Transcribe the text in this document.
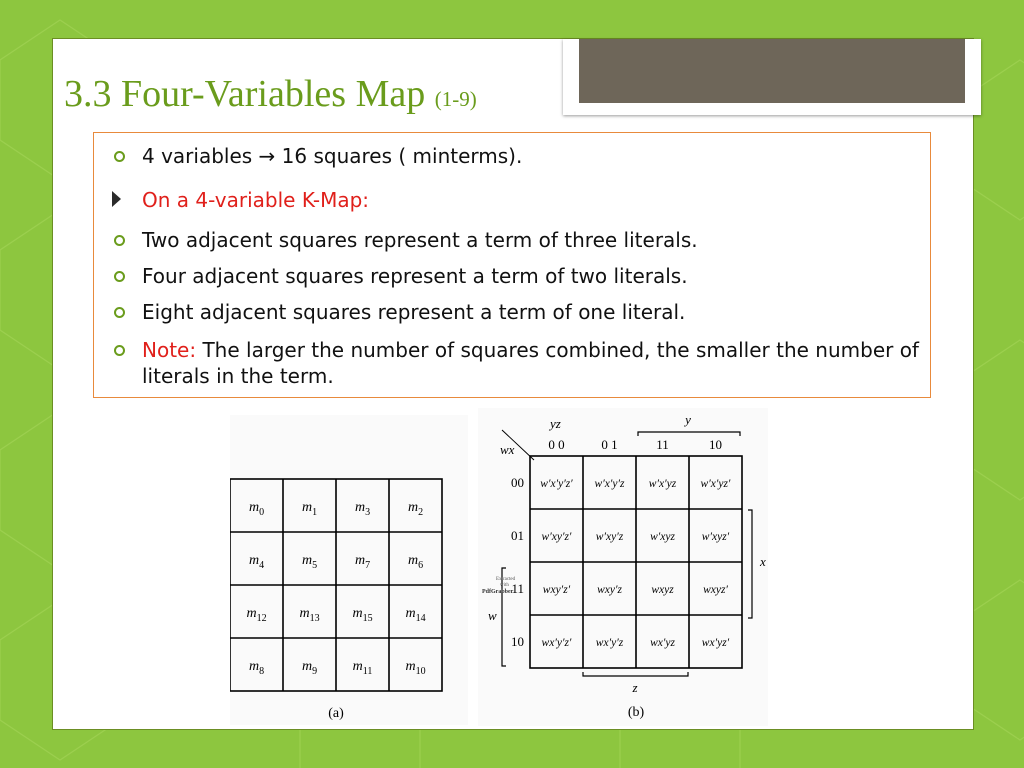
3.3 Four-Variables Map (1-9)
4 variables → 16 squares ( minterms).
On a 4-variable K-Map:
Two adjacent squares represent a term of three literals.
Four adjacent squares represent a term of two literals.
Eight adjacent squares represent a term of one literal.
Note: The larger the number of squares combined, the smaller the number of literals in the term.
$m_0$	$m_1$	$m_3$	$m_2$
$m_4$	$m_5$	$m_7$	$m_6$
$m_{12}$ $m_{13}$ $m_{15}$ $m_{14}$
$m_8$	$m_9$	$m_{11}$ $m_{10}$
(a)
yz
wx	0 0	0 1	11	10
00
01
11
10
y
x
w
z
Extracted
with
PdfGrabber
w′x′y′z′ w′x′y′z w′x′yz w′x′yz′
w′xy′z′ w′xy′z w′xyz w′xyz′
wxy′z′ wxy′z	wxyz	wxyz′
wx′y′z′ wx′y′z wx′yz wx′yz′
(b)
